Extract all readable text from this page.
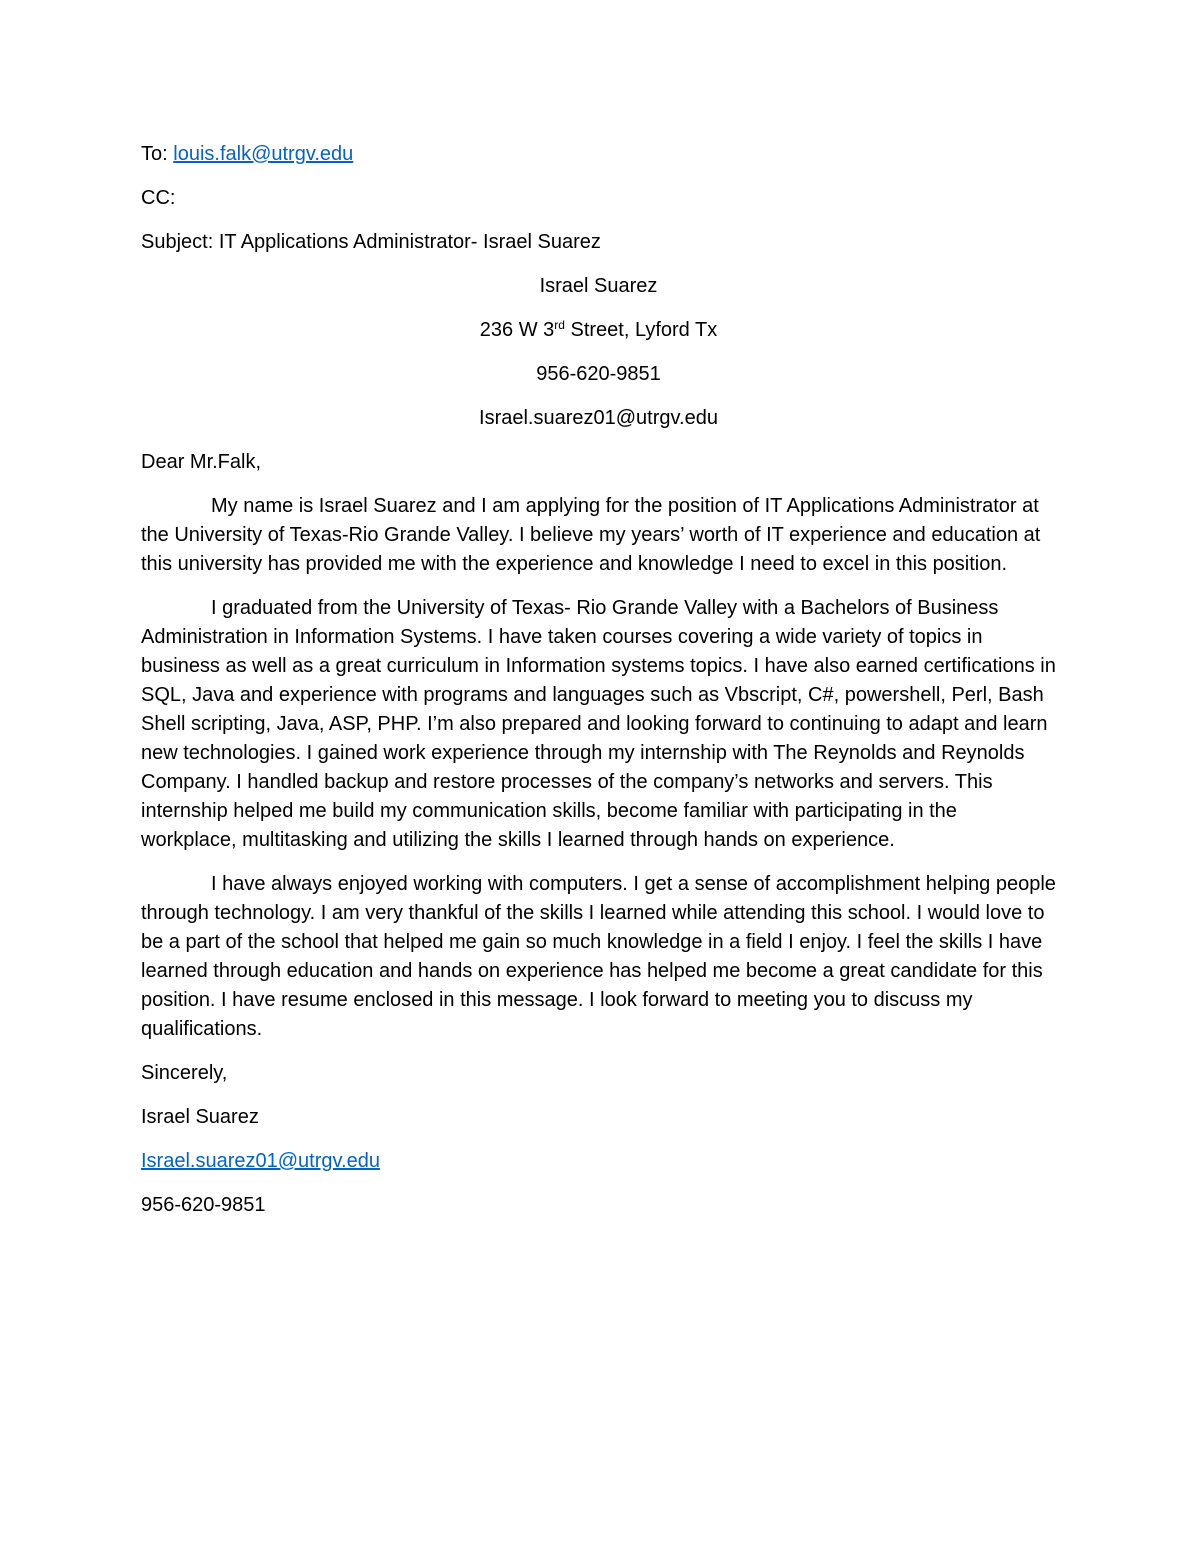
To: louis.falk@utrgv.edu
CC:
Subject: IT Applications Administrator- Israel Suarez
Israel Suarez
236 W 3rd Street, Lyford Tx
956-620-9851
Israel.suarez01@utrgv.edu
Dear Mr.Falk,

My name is Israel Suarez and I am applying for the position of IT Applications Administrator at the University of Texas-Rio Grande Valley. I believe my years’ worth of IT experience and education at this university has provided me with the experience and knowledge I need to excel in this position.

I graduated from the University of Texas- Rio Grande Valley with a Bachelors of Business Administration in Information Systems. I have taken courses covering a wide variety of topics in business as well as a great curriculum in Information systems topics. I have also earned certifications in SQL, Java and experience with programs and languages such as Vbscript, C#, powershell, Perl, Bash Shell scripting, Java, ASP, PHP. I’m also prepared and looking forward to continuing to adapt and learn new technologies. I gained work experience through my internship with The Reynolds and Reynolds Company. I handled backup and restore processes of the company’s networks and servers. This internship helped me build my communication skills, become familiar with participating in the workplace, multitasking and utilizing the skills I learned through hands on experience.

I have always enjoyed working with computers. I get a sense of accomplishment helping people through technology. I am very thankful of the skills I learned while attending this school. I would love to be a part of the school that helped me gain so much knowledge in a field I enjoy. I feel the skills I have learned through education and hands on experience has helped me become a great candidate for this position. I have resume enclosed in this message. I look forward to meeting you to discuss my qualifications.

Sincerely,
Israel Suarez
Israel.suarez01@utrgv.edu
956-620-9851
